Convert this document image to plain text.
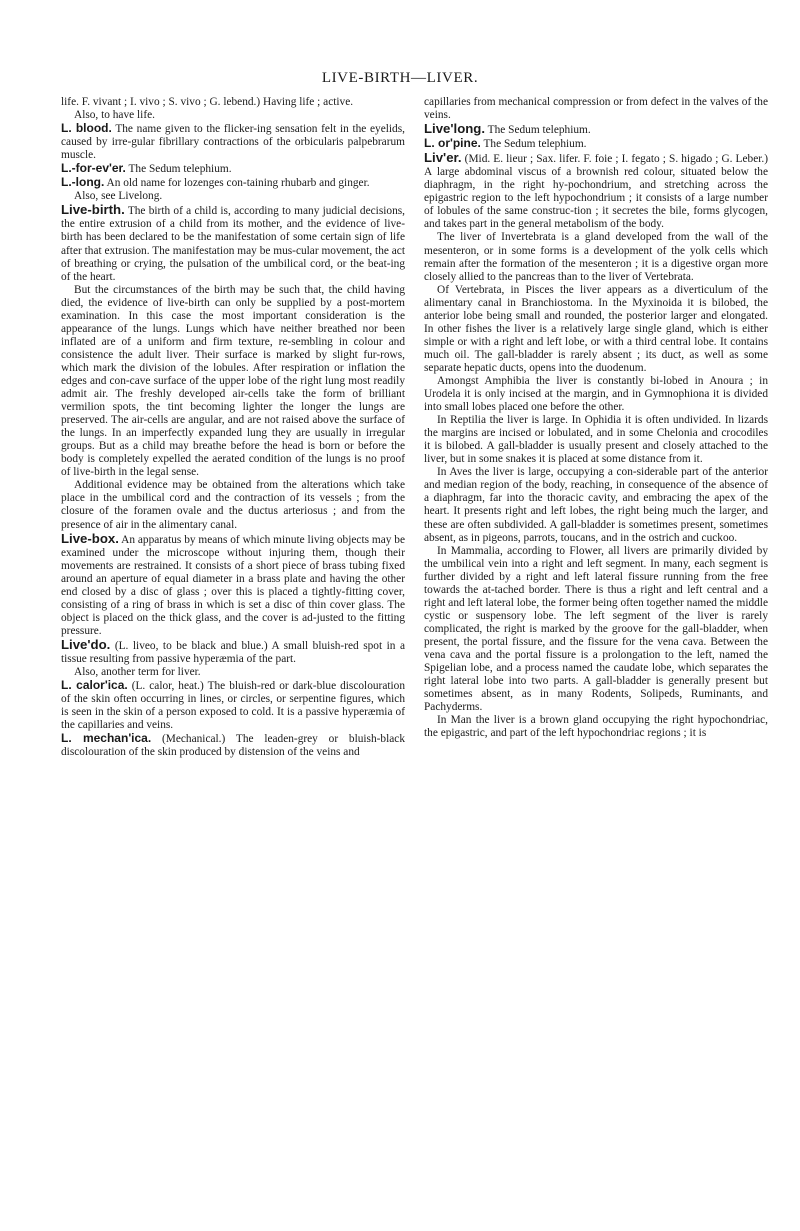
LIVE-BIRTH—LIVER.

life. F. vivant ; I. vivo ; S. vivo ; G. lebend.) Having life ; active.

Also, to have life.

L. blood. The name given to the flicker-ing sensation felt in the eyelids, caused by irre-gular fibrillary contractions of the orbicularis palpebrarum muscle.

L.-for-ev'er. The Sedum telephium.

L.-long. An old name for lozenges con-taining rhubarb and ginger.

Also, see Livelong.

Live-birth. The birth of a child is, according to many judicial decisions, the entire extrusion of a child from its mother, and the evidence of live-birth has been declared to be the manifestation of some certain sign of life after that extrusion. The manifestation may be mus-cular movement, the act of breathing or crying, the pulsation of the umbilical cord, or the beat-ing of the heart.

But the circumstances of the birth may be such that, the child having died, the evidence of live-birth can only be supplied by a post-mortem examination. In this case the most important consideration is the appearance of the lungs. Lungs which have neither breathed nor been inflated are of a uniform and firm texture, re-sembling in colour and consistence the adult liver. Their surface is marked by slight fur-rows, which mark the division of the lobules. After respiration or inflation the edges and con-cave surface of the upper lobe of the right lung most readily admit air. The freshly developed air-cells take the form of brilliant vermilion spots, the tint becoming lighter the longer the lungs are preserved. The air-cells are angular, and are not raised above the surface of the lungs. In an imperfectly expanded lung they are usually in irregular groups. But as a child may breathe before the head is born or before the body is completely expelled the aerated condition of the lungs is no proof of live-birth in the legal sense.

Additional evidence may be obtained from the alterations which take place in the umbilical cord and the contraction of its vessels ; from the closure of the foramen ovale and the ductus arteriosus ; and from the presence of air in the alimentary canal.

Live-box. An apparatus by means of which minute living objects may be examined under the microscope without injuring them, though their movements are restrained. It consists of a short piece of brass tubing fixed around an aperture of equal diameter in a brass plate and having the other end closed by a disc of glass ; over this is placed a tightly-fitting cover, consisting of a ring of brass in which is set a disc of thin cover glass. The object is placed on the thick glass, and the cover is ad-justed to the fitting pressure.

Live'do. (L. liveo, to be black and blue.) A small bluish-red spot in a tissue resulting from passive hyperæmia of the part.

Also, another term for liver.

L. calor'ica. (L. calor, heat.) The bluish-red or dark-blue discolouration of the skin often occurring in lines, or circles, or serpentine figures, which is seen in the skin of a person exposed to cold. It is a passive hyperæmia of the capillaries and veins.

L. mechan'ica. (Mechanical.) The leaden-grey or bluish-black discolouration of the skin produced by distension of the veins and

capillaries from mechanical compression or from defect in the valves of the veins.

Live'long. The Sedum telephium.

L. or'pine. The Sedum telephium.

Liv'er. (Mid. E. lieur ; Sax. lifer. F. foie ; I. fegato ; S. higado ; G. Leber.) A large abdominal viscus of a brownish red colour, situated below the diaphragm, in the right hy-pochondrium, and stretching across the epigastric region to the left hypochondrium ; it consists of a large number of lobules of the same construc-tion ; it secretes the bile, forms glycogen, and takes part in the general metabolism of the body.

The liver of Invertebrata is a gland developed from the wall of the mesenteron, or in some forms is a development of the yolk cells which remain after the formation of the mesenteron ; it is a digestive organ more closely allied to the pancreas than to the liver of Vertebrata.

Of Vertebrata, in Pisces the liver appears as a diverticulum of the alimentary canal in Branchiostoma. In the Myxinoida it is bilobed, the anterior lobe being small and rounded, the posterior larger and elongated. In other fishes the liver is a relatively large single gland, which is either simple or with a right and left lobe, or with a third central lobe. It contains much oil. The gall-bladder is rarely absent ; its duct, as well as some separate hepatic ducts, opens into the duodenum.

Amongst Amphibia the liver is constantly bi-lobed in Anoura ; in Urodela it is only incised at the margin, and in Gymnophiona it is divided into small lobes placed one before the other.

In Reptilia the liver is large. In Ophidia it is often undivided. In lizards the margins are incised or lobulated, and in some Chelonia and crocodiles it is bilobed. A gall-bladder is usually present and closely attached to the liver, but in some snakes it is placed at some distance from it.

In Aves the liver is large, occupying a con-siderable part of the anterior and median region of the body, reaching, in consequence of the absence of a diaphragm, far into the thoracic cavity, and embracing the apex of the heart. It presents right and left lobes, the right being much the larger, and these are often subdivided. A gall-bladder is sometimes present, sometimes absent, as in pigeons, parrots, toucans, and in the ostrich and cuckoo.

In Mammalia, according to Flower, all livers are primarily divided by the umbilical vein into a right and left segment. In many, each segment is further divided by a right and left lateral fissure running from the free towards the at-tached border. There is thus a right and left central and a right and left lateral lobe, the former being often together named the middle cystic or suspensory lobe. The left segment of the liver is rarely complicated, the right is marked by the groove for the gall-bladder, when present, the portal fissure, and the fissure for the vena cava. Between the vena cava and the portal fissure is a prolongation to the left, named the Spigelian lobe, and a process named the caudate lobe, which separates the right lateral lobe into two parts. A gall-bladder is generally present but sometimes absent, as in many Rodents, Solipeds, Ruminants, and Pachyderms.

In Man the liver is a brown gland occupying the right hypochondriac, the epigastric, and part of the left hypochondriac regions ; it is
